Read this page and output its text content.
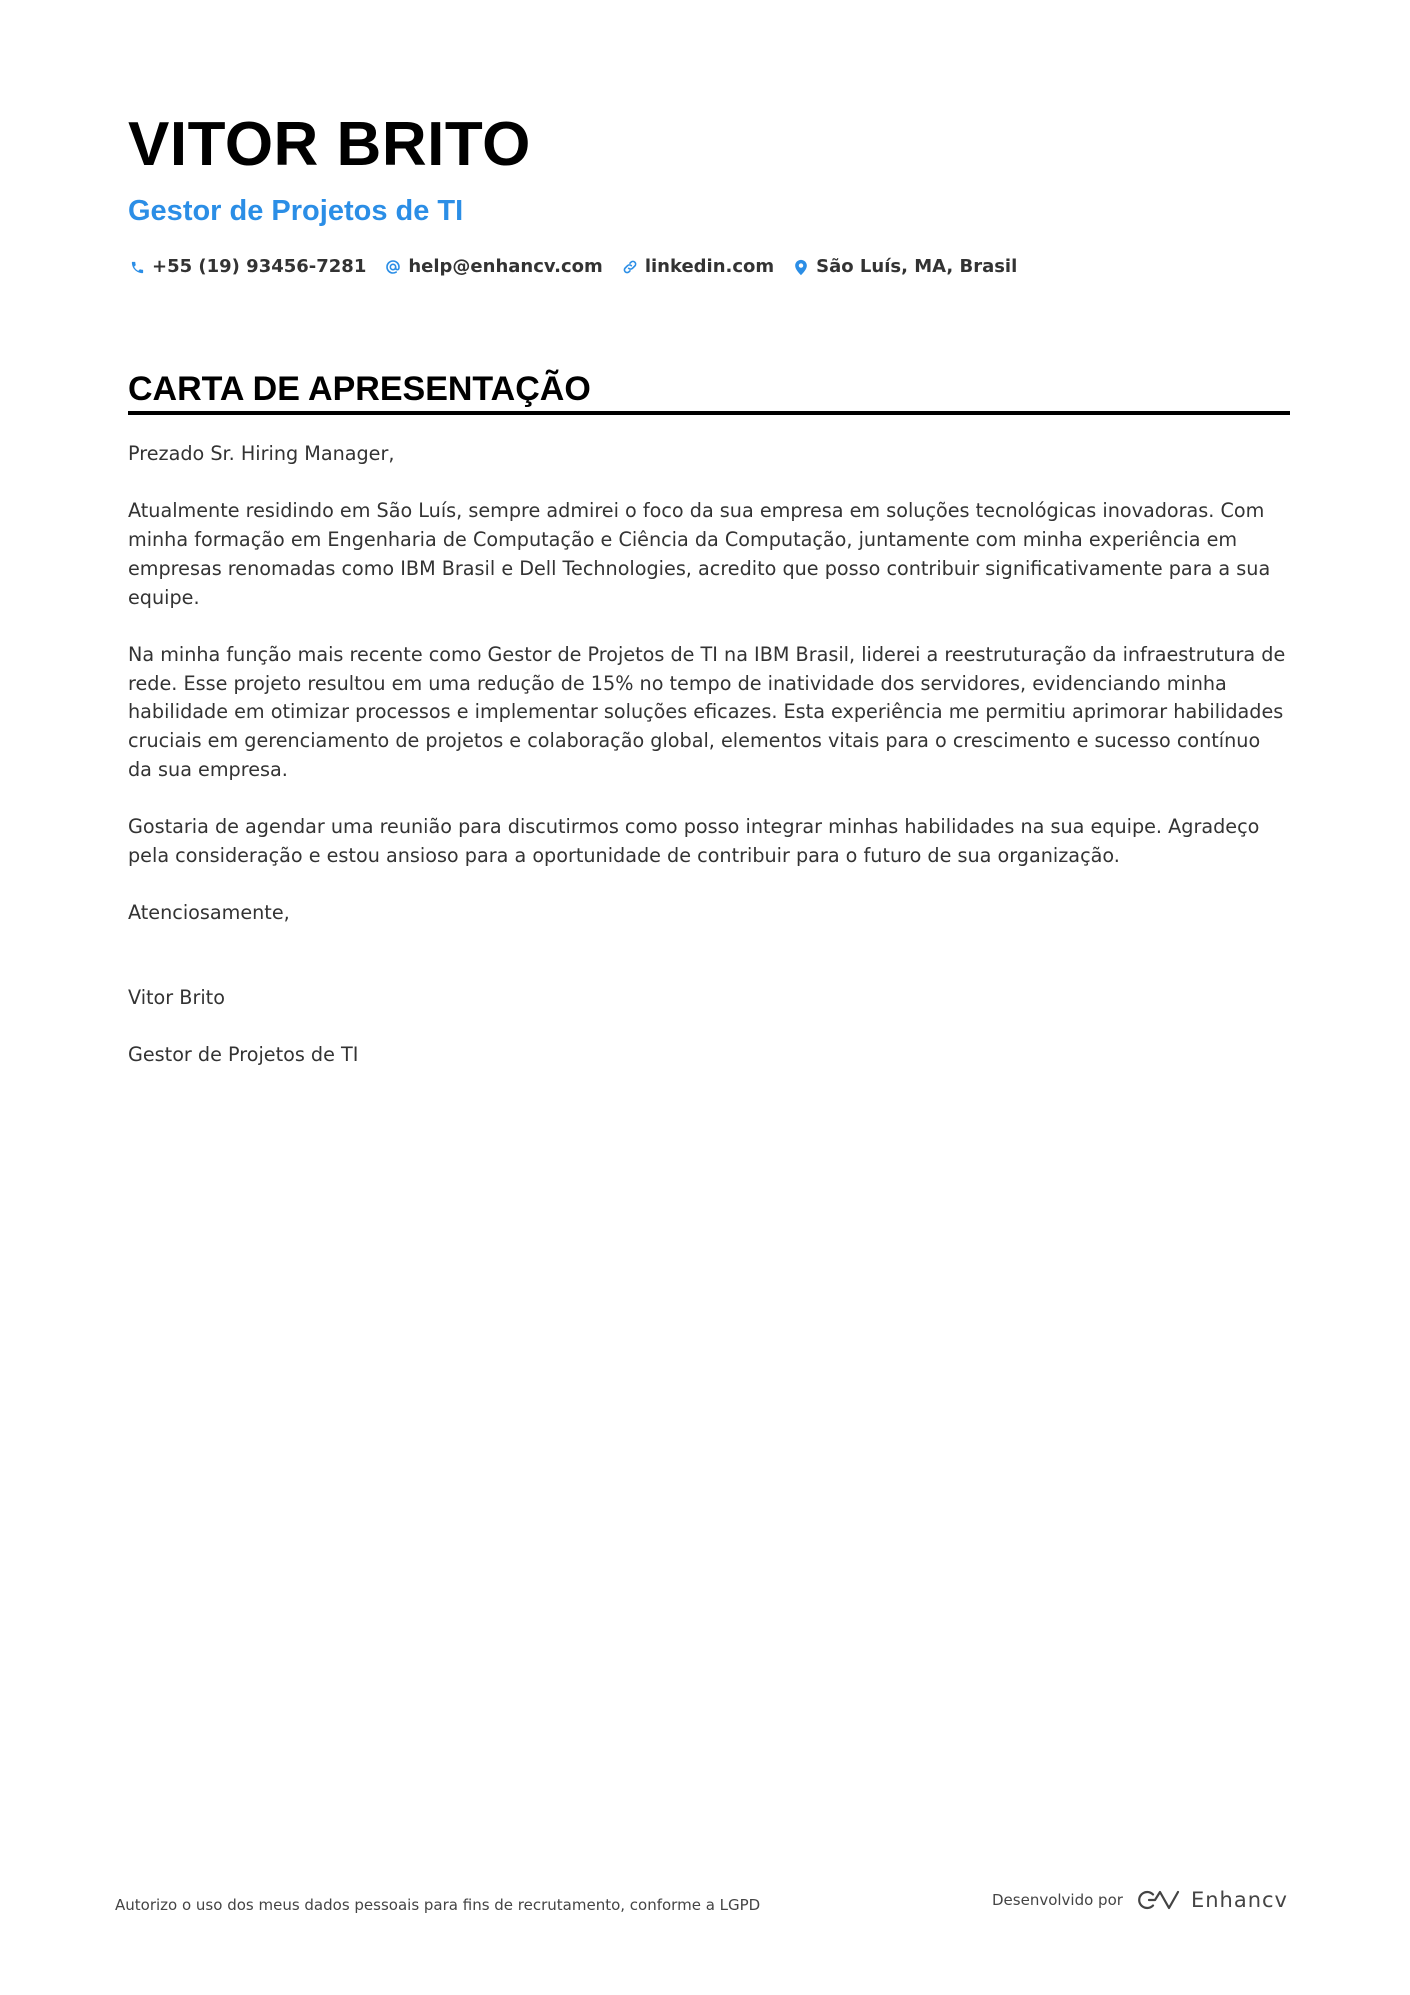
VITOR BRITO
Gestor de Projetos de TI
+55 (19) 93456-7281 help@enhancv.com linkedin.com São Luís, MA, Brasil
CARTA DE APRESENTAÇÃO

Prezado Sr. Hiring Manager,

Atualmente residindo em São Luís, sempre admirei o foco da sua empresa em soluções tecnológicas inovadoras. Com minha formação em Engenharia de Computação e Ciência da Computação, juntamente com minha experiência em empresas renomadas como IBM Brasil e Dell Technologies, acredito que posso contribuir significativamente para a sua equipe.

Na minha função mais recente como Gestor de Projetos de TI na IBM Brasil, liderei a reestruturação da infraestrutura de rede. Esse projeto resultou em uma redução de 15% no tempo de inatividade dos servidores, evidenciando minha habilidade em otimizar processos e implementar soluções eficazes. Esta experiência me permitiu aprimorar habilidades cruciais em gerenciamento de projetos e colaboração global, elementos vitais para o crescimento e sucesso contínuo da sua empresa.

Gostaria de agendar uma reunião para discutirmos como posso integrar minhas habilidades na sua equipe. Agradeço pela consideração e estou ansioso para a oportunidade de contribuir para o futuro de sua organização.

Atenciosamente,

Vitor Brito

Gestor de Projetos de TI

Autorizo o uso dos meus dados pessoais para fins de recrutamento, conforme a LGPD	Desenvolvido por	Enhancv
